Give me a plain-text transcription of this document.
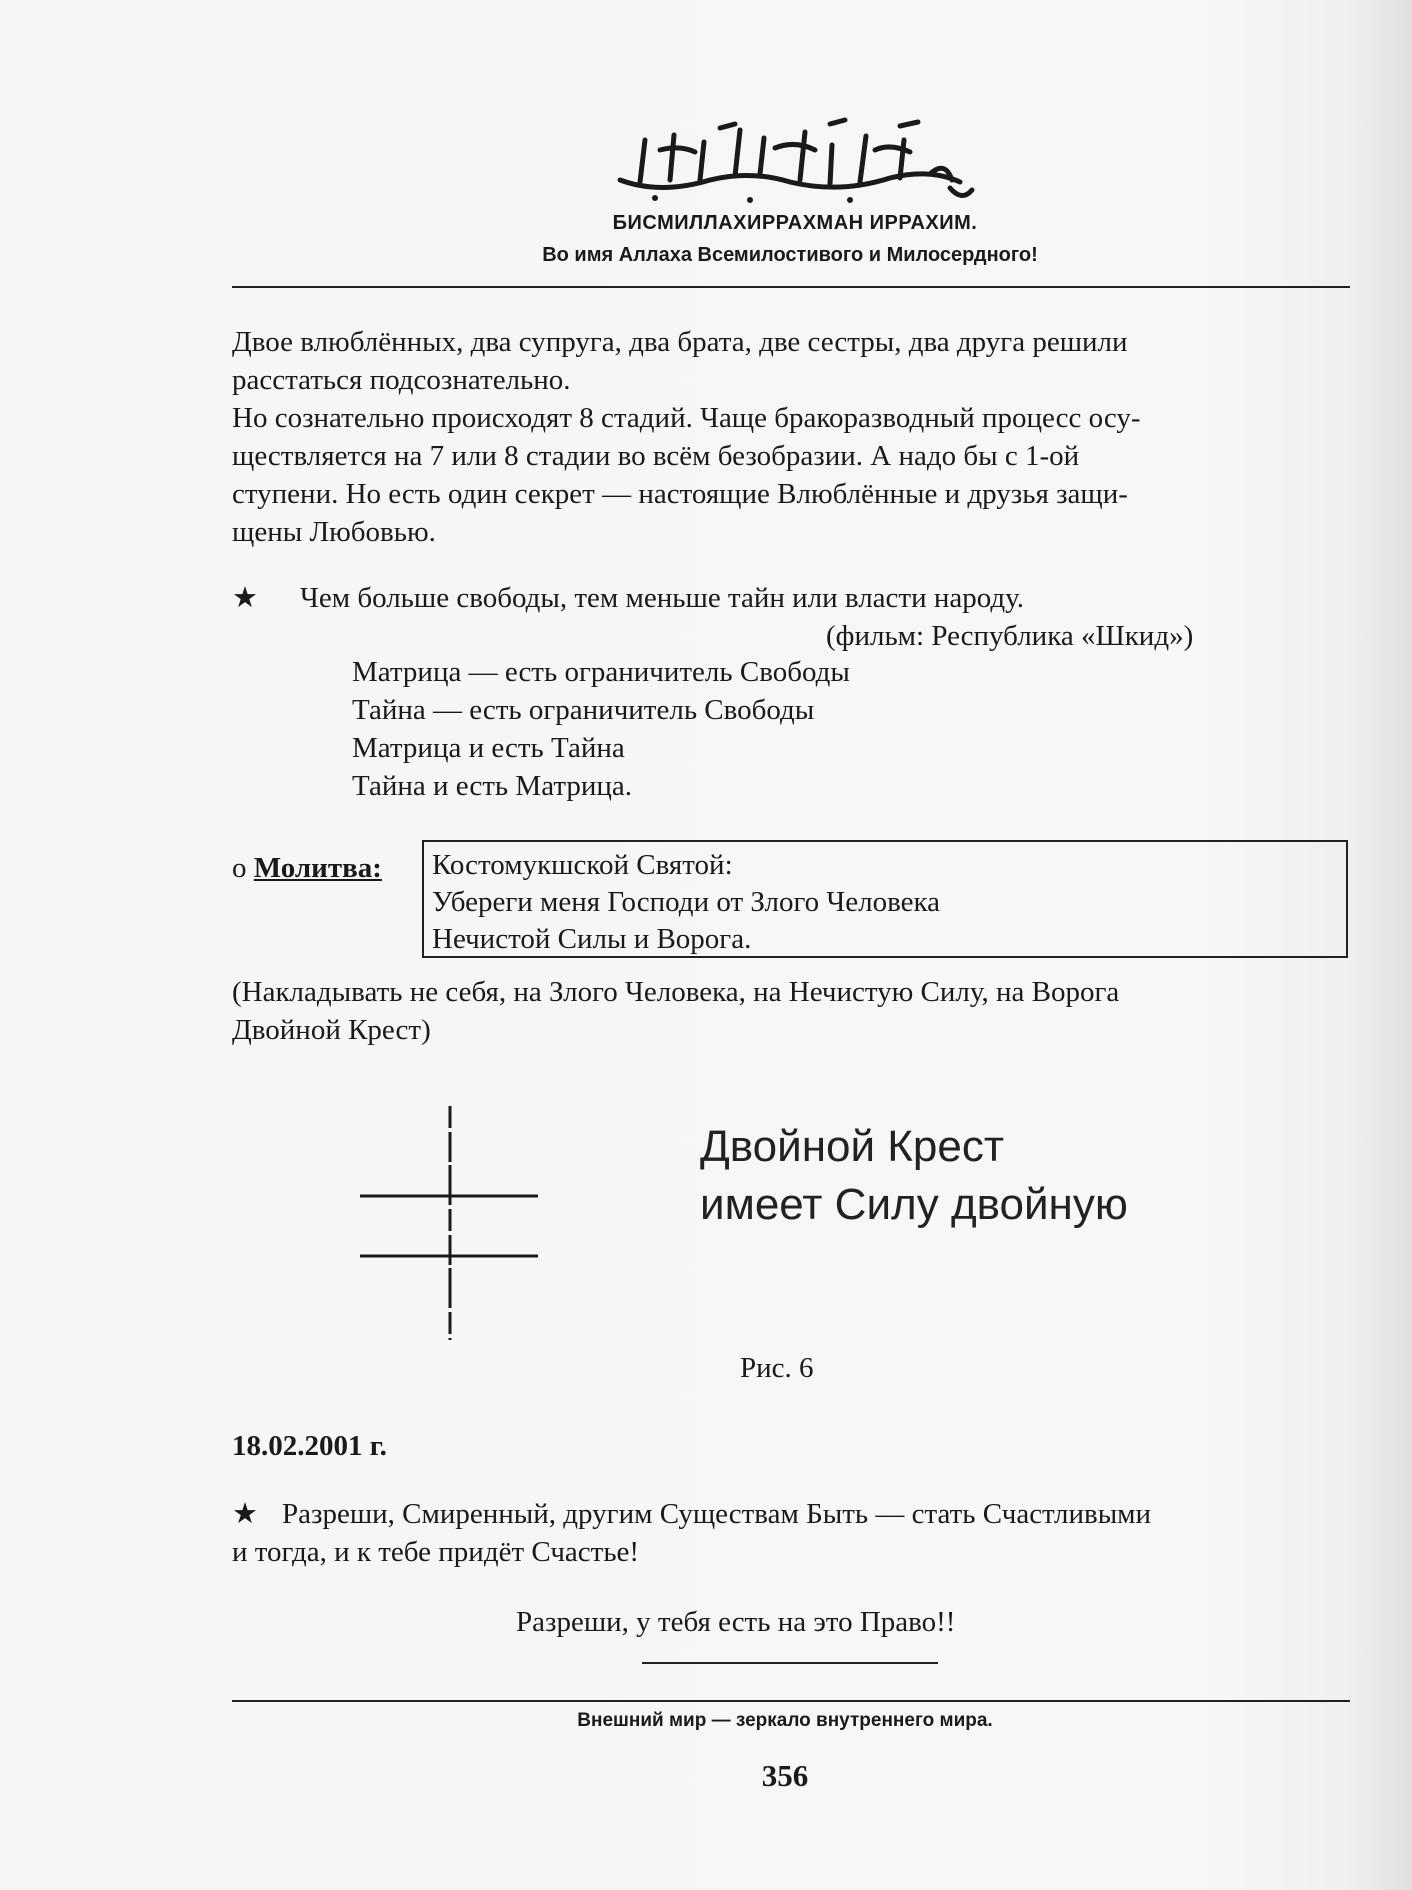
БИСМИЛЛАХИРРАХМАН ИРРАХИМ.
Во имя Аллаха Всемилостивого и Милосердного!
Двое влюблённых, два супруга, два брата, две сестры, два друга решили
расстаться подсознательно.
Но сознательно происходят 8 стадий. Чаще бракоразводный процесс осу-
ществляется на 7 или 8 стадии во всём безобразии. А надо бы с 1-ой
ступени. Но есть один секрет — настоящие Влюблённые и друзья защи-
щены Любовью.
★ Чем больше свободы, тем меньше тайн или власти народу.
(фильм: Республика «Шкид»)
Матрица — есть ограничитель Свободы
Тайна — есть ограничитель Свободы
Матрица и есть Тайна
Тайна и есть Матрица.
o Молитва: Костомукшской Святой:
Убереги меня Господи от Злого Человека
Нечистой Силы и Ворога.
(Накладывать не себя, на Злого Человека, на Нечистую Силу, на Ворога
Двойной Крест)
Двойной Крест
имеет Силу двойную
Рис. 6
18.02.2001 г.
★ Разреши, Смиренный, другим Существам Быть — стать Счастливыми
и тогда, и к тебе придёт Счастье!
Разреши, у тебя есть на это Право!!
Внешний мир — зеркало внутреннего мира.
356
